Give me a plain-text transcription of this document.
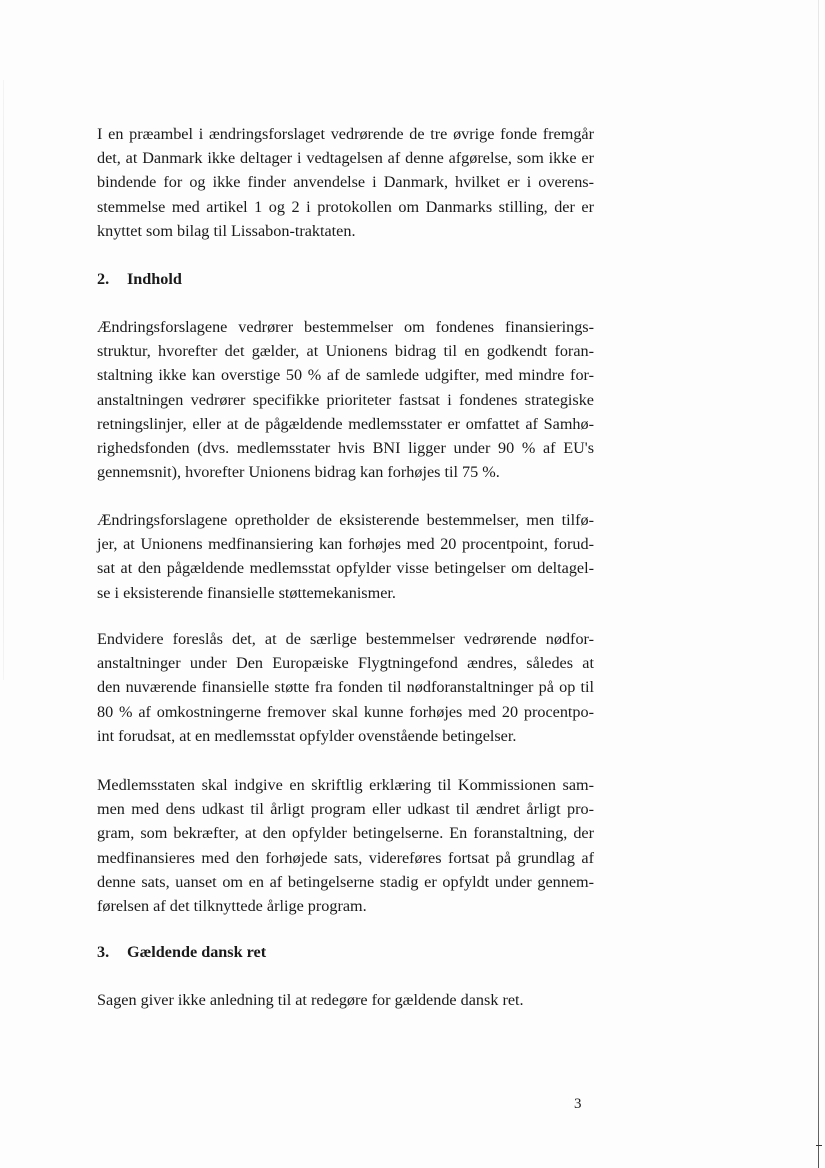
I en præambel i ændringsforslaget vedrørende de tre øvrige fonde fremgår
det, at Danmark ikke deltager i vedtagelsen af denne afgørelse, som ikke er
bindende for og ikke finder anvendelse i Danmark, hvilket er i overens-
stemmelse med artikel 1 og 2 i protokollen om Danmarks stilling, der er
knyttet som bilag til Lissabon-traktaten.

2. Indhold

Ændringsforslagene vedrører bestemmelser om fondenes finansierings-
struktur, hvorefter det gælder, at Unionens bidrag til en godkendt foran-
staltning ikke kan overstige 50 % af de samlede udgifter, med mindre for-
anstaltningen vedrører specifikke prioriteter fastsat i fondenes strategiske
retningslinjer, eller at de pågældende medlemsstater er omfattet af Samhø-
righedsfonden (dvs. medlemsstater hvis BNI ligger under 90 % af EU's
gennemsnit), hvorefter Unionens bidrag kan forhøjes til 75 %.

Ændringsforslagene opretholder de eksisterende bestemmelser, men tilfø-
jer, at Unionens medfinansiering kan forhøjes med 20 procentpoint, forud-
sat at den pågældende medlemsstat opfylder visse betingelser om deltagel-
se i eksisterende finansielle støttemekanismer.

Endvidere foreslås det, at de særlige bestemmelser vedrørende nødfor-
anstaltninger under Den Europæiske Flygtningefond ændres, således at
den nuværende finansielle støtte fra fonden til nødforanstaltninger på op til
80 % af omkostningerne fremover skal kunne forhøjes med 20 procentpo-
int forudsat, at en medlemsstat opfylder ovenstående betingelser.

Medlemsstaten skal indgive en skriftlig erklæring til Kommissionen sam-
men med dens udkast til årligt program eller udkast til ændret årligt pro-
gram, som bekræfter, at den opfylder betingelserne. En foranstaltning, der
medfinansieres med den forhøjede sats, videreføres fortsat på grundlag af
denne sats, uanset om en af betingelserne stadig er opfyldt under gennem-
førelsen af det tilknyttede årlige program.

3. Gældende dansk ret

Sagen giver ikke anledning til at redegøre for gældende dansk ret.

3
